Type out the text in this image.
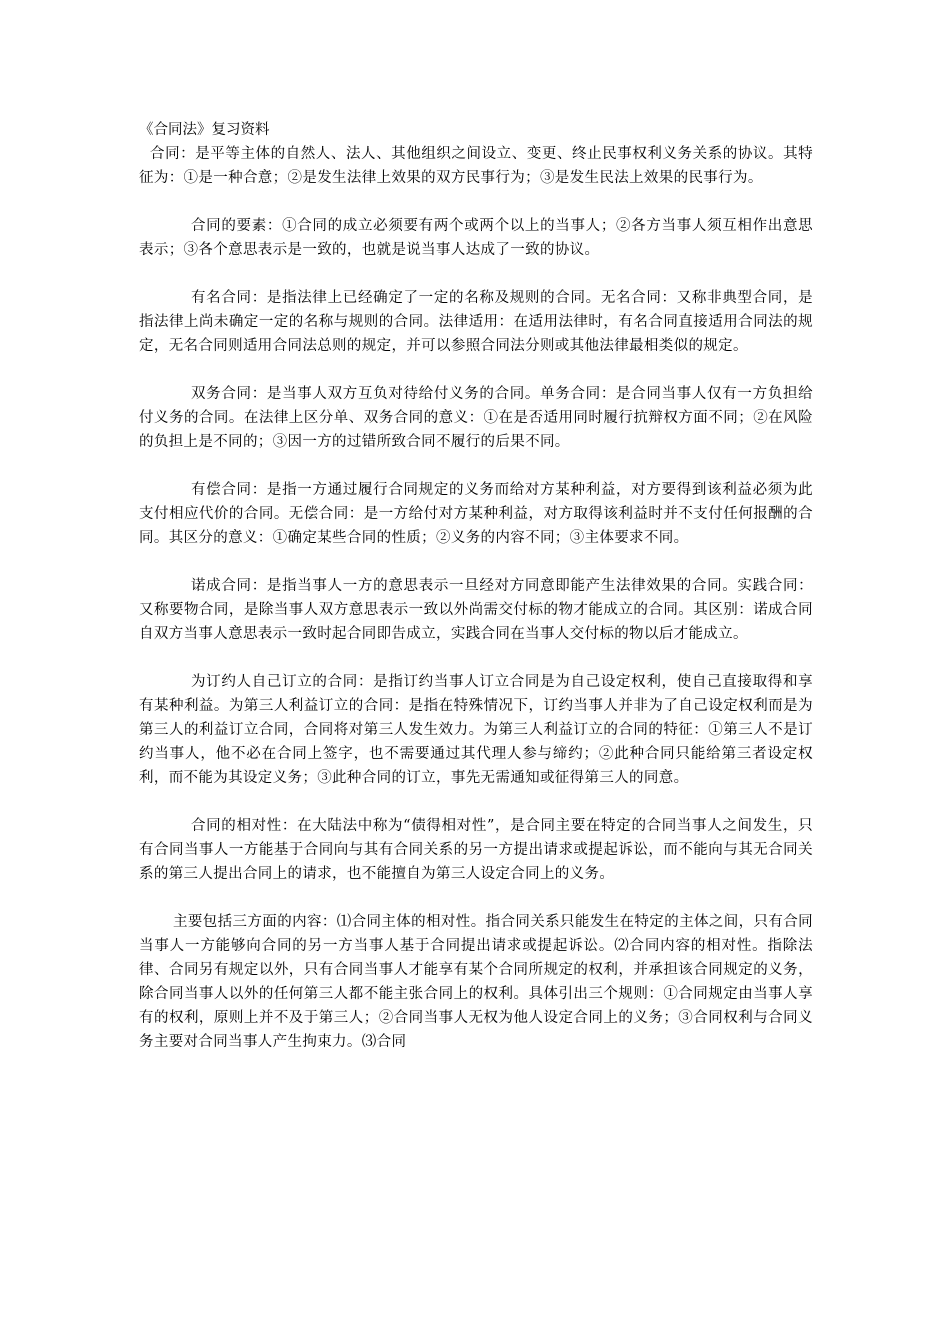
《合同法》复习资料

合同：是平等主体的自然人、法人、其他组织之间设立、变更、终止民事权利义务关系的协议。其特征为：①是一种合意；②是发生法律上效果的双方民事行为；③是发生民法上效果的民事行为。

合同的要素：①合同的成立必须要有两个或两个以上的当事人；②各方当事人须互相作出意思表示；③各个意思表示是一致的，也就是说当事人达成了一致的协议。

有名合同：是指法律上已经确定了一定的名称及规则的合同。无名合同：又称非典型合同，是指法律上尚未确定一定的名称与规则的合同。法律适用：在适用法律时，有名合同直接适用合同法的规定，无名合同则适用合同法总则的规定，并可以参照合同法分则或其他法律最相类似的规定。

双务合同：是当事人双方互负对待给付义务的合同。单务合同：是合同当事人仅有一方负担给付义务的合同。在法律上区分单、双务合同的意义：①在是否适用同时履行抗辩权方面不同；②在风险的负担上是不同的；③因一方的过错所致合同不履行的后果不同。

有偿合同：是指一方通过履行合同规定的义务而给对方某种利益，对方要得到该利益必须为此支付相应代价的合同。无偿合同：是一方给付对方某种利益，对方取得该利益时并不支付任何报酬的合同。其区分的意义：①确定某些合同的性质；②义务的内容不同；③主体要求不同。

诺成合同：是指当事人一方的意思表示一旦经对方同意即能产生法律效果的合同。实践合同：又称要物合同，是除当事人双方意思表示一致以外尚需交付标的物才能成立的合同。其区别：诺成合同自双方当事人意思表示一致时起合同即告成立，实践合同在当事人交付标的物以后才能成立。

为订约人自己订立的合同：是指订约当事人订立合同是为自己设定权利，使自己直接取得和享有某种利益。为第三人利益订立的合同：是指在特殊情况下，订约当事人并非为了自己设定权利而是为第三人的利益订立合同，合同将对第三人发生效力。为第三人利益订立的合同的特征：①第三人不是订约当事人，他不必在合同上签字，也不需要通过其代理人参与缔约；②此种合同只能给第三者设定权利，而不能为其设定义务；③此种合同的订立，事先无需通知或征得第三人的同意。

合同的相对性：在大陆法中称为“债得相对性”，是合同主要在特定的合同当事人之间发生，只有合同当事人一方能基于合同向与其有合同关系的另一方提出请求或提起诉讼，而不能向与其无合同关系的第三人提出合同上的请求，也不能擅自为第三人设定合同上的义务。

主要包括三方面的内容：⑴合同主体的相对性。指合同关系只能发生在特定的主体之间，只有合同当事人一方能够向合同的另一方当事人基于合同提出请求或提起诉讼。⑵合同内容的相对性。指除法律、合同另有规定以外，只有合同当事人才能享有某个合同所规定的权利，并承担该合同规定的义务，除合同当事人以外的任何第三人都不能主张合同上的权利。具体引出三个规则：①合同规定由当事人享有的权利，原则上并不及于第三人；②合同当事人无权为他人设定合同上的义务；③合同权利与合同义务主要对合同当事人产生拘束力。⑶合同
